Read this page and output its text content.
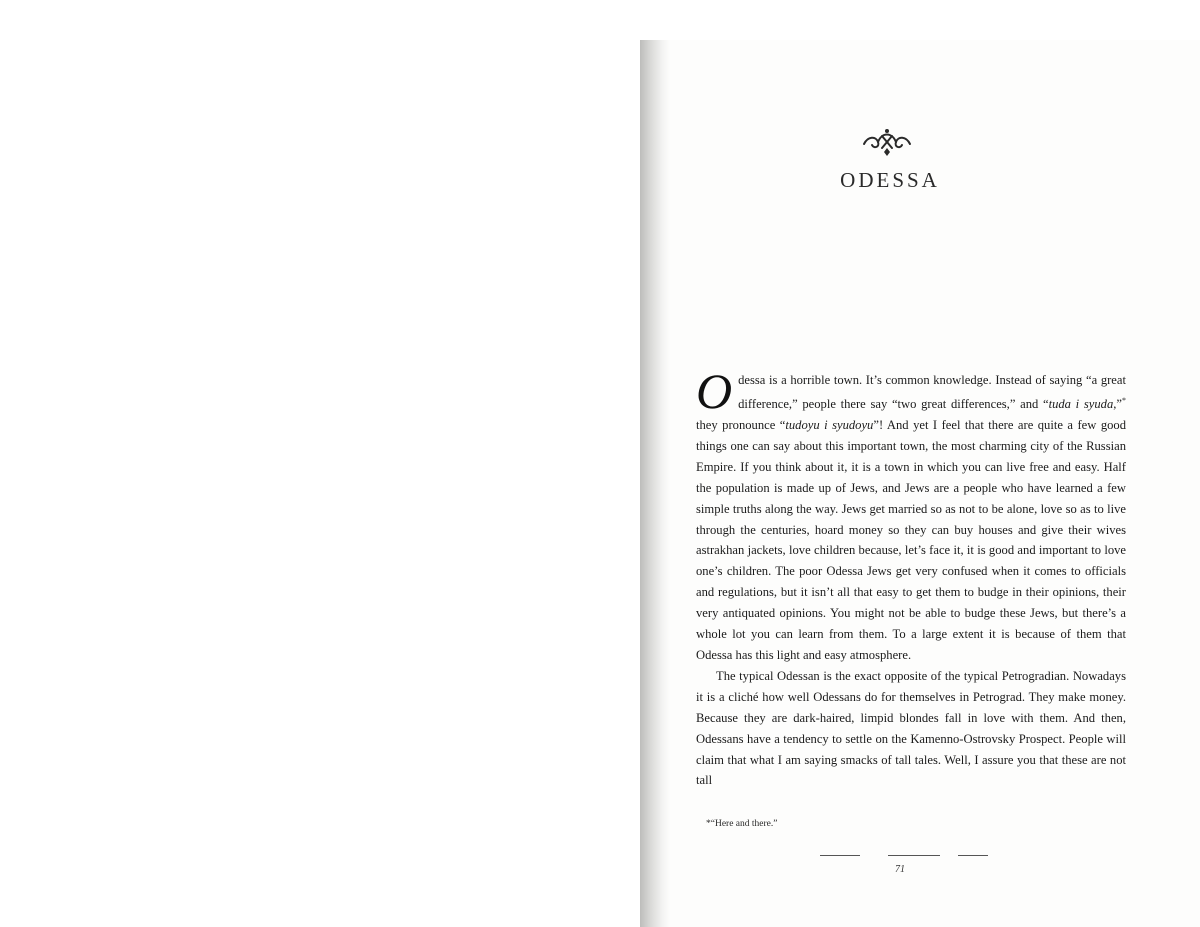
ODESSA

Odessa is a horrible town. It’s common knowledge. Instead of saying “a great difference,” people there say “two great differences,” and “tuda i syuda,”* they pronounce “tudoyu i syudoyu”! And yet I feel that there are quite a few good things one can say about this important town, the most charming city of the Russian Empire. If you think about it, it is a town in which you can live free and easy. Half the population is made up of Jews, and Jews are a people who have learned a few simple truths along the way. Jews get married so as not to be alone, love so as to live through the centuries, hoard money so they can buy houses and give their wives astrakhan jackets, love children because, let’s face it, it is good and important to love one’s children. The poor Odessa Jews get very confused when it comes to officials and regulations, but it isn’t all that easy to get them to budge in their opinions, their very antiquated opinions. You might not be able to budge these Jews, but there’s a whole lot you can learn from them. To a large extent it is because of them that Odessa has this light and easy atmosphere.

The typical Odessan is the exact opposite of the typical Petrogradian. Nowadays it is a cliché how well Odessans do for themselves in Petrograd. They make money. Because they are dark-haired, limpid blondes fall in love with them. And then, Odessans have a tendency to settle on the Kamenno-Ostrovsky Prospect. People will claim that what I am saying smacks of tall tales. Well, I assure you that these are not tall

*“Here and there.”
71
